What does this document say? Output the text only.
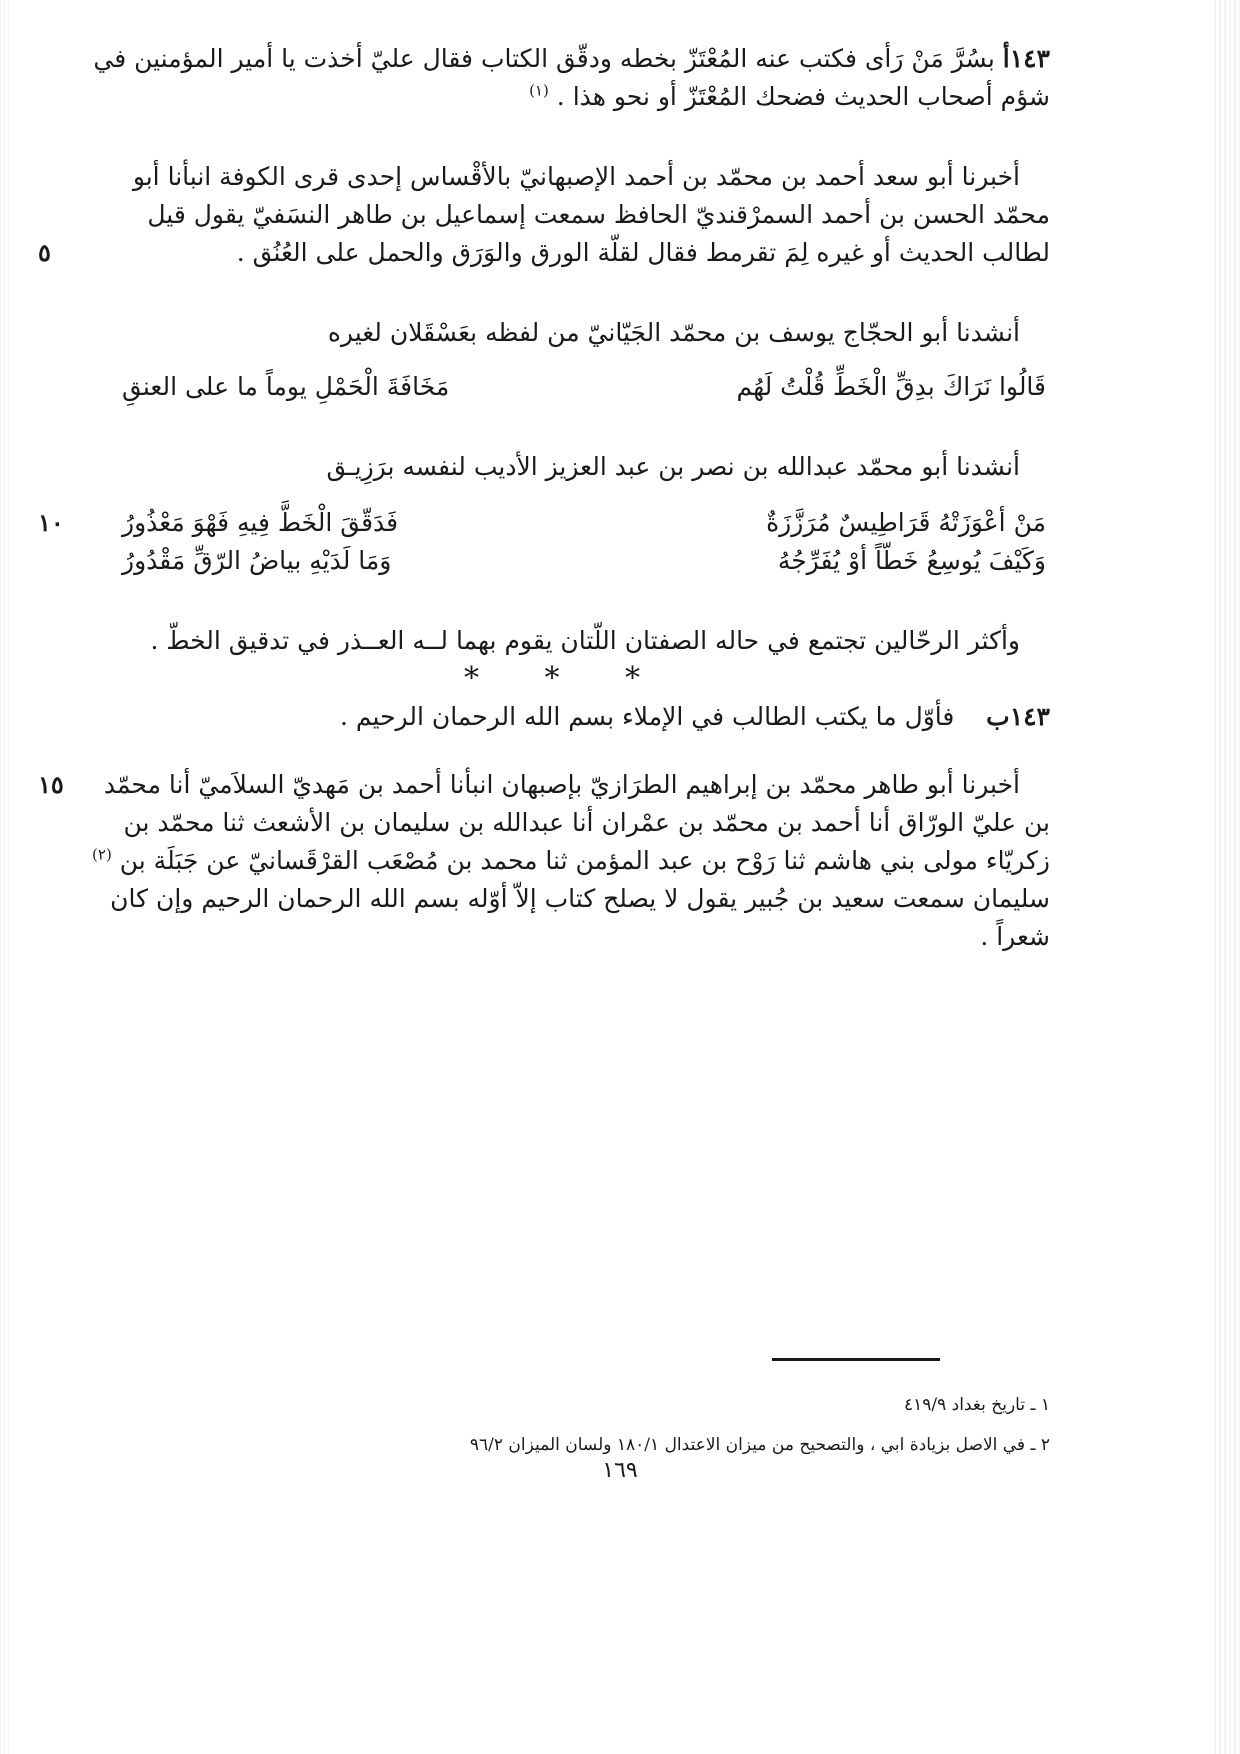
١٤٣أ بسُرَّ مَنْ رَأى فكتب عنه المُعْتَزّ بخطه ودقّق الكتاب فقال عليّ أخذت يا أمير المؤمنين في شؤم أصحاب الحديث فضحك المُعْتَزّ أو نحو هذا . $^{(١)}$

٥

أخبرنا أبو سعد أحمد بن محمّد بن أحمد الإصبهانيّ بالأقْساس إحدى قرى الكوفة انبأنا أبو محمّد الحسن بن أحمد السمرْقنديّ الحافظ سمعت إسماعيل بن طاهر النسَفيّ يقول قيل لطالب الحديث أو غيره لِمَ تقرمط فقال لقلّة الورق والوَرَق والحمل على العُنُق .

أنشدنا أبو الحجّاج يوسف بن محمّد الجَيّانيّ من لفظه بعَسْقَلان لغيره

قَالُوا نَرَاكَ بدِقِّ الْخَطِّ قُلْتُ لَهُم
مَخَافَةَ الْحَمْلِ يوماً ما على العنقِ

أنشدنا أبو محمّد عبدالله بن نصر بن عبد العزيز الأديب لنفسه برَزِيـق

١٠	مَنْ أعْوَزَتْهُ قَرَاطِيسٌ مُرَزَّزَةٌ
فَدَقّقَ الْخَطَّ فِيهِ فَهْوَ مَعْذُورُ

وَكَيْفَ يُوسِعُ خَطّاً أوْ يُفَرِّجُهُ
وَمَا لَدَيْهِ بياضُ الرّقِّ مَقْدُورُ

وأكثر الرحّالين تجتمع في حاله الصفتان اللّتان يقوم بهما لــه العــذر في تدقيق الخطّ .

* * *

١٤٣ب    فأوّل ما يكتب الطالب في الإملاء بسم الله الرحمان الرحيم .

١٥	أخبرنا أبو طاهر محمّد بن إبراهيم الطرَازيّ بإصبهان انبأنا أحمد بن مَهديّ السلاَميّ أنا محمّد بن عليّ الورّاق أنا أحمد بن محمّد بن عمْران أنا عبدالله بن سليمان بن الأشعث ثنا محمّد بن زكريّاء مولى بني هاشم ثنا رَوْح بن عبد المؤمن ثنا محمد بن مُصْعَب القرْقَسانيّ عن جَبَلَة بن $^{(٢)}$ سليمان سمعت سعيد بن جُبير يقول لا يصلح كتاب إلاّ أوّله بسم الله الرحمان الرحيم وإن كان شعراً .

١ ـ تاريخ بغداد ٤١٩/٩

٢ ـ في الاصل بزيادة ابي ، والتصحيح من ميزان الاعتدال ١٨٠/١ ولسان الميزان ٩٦/٢

١٦٩
